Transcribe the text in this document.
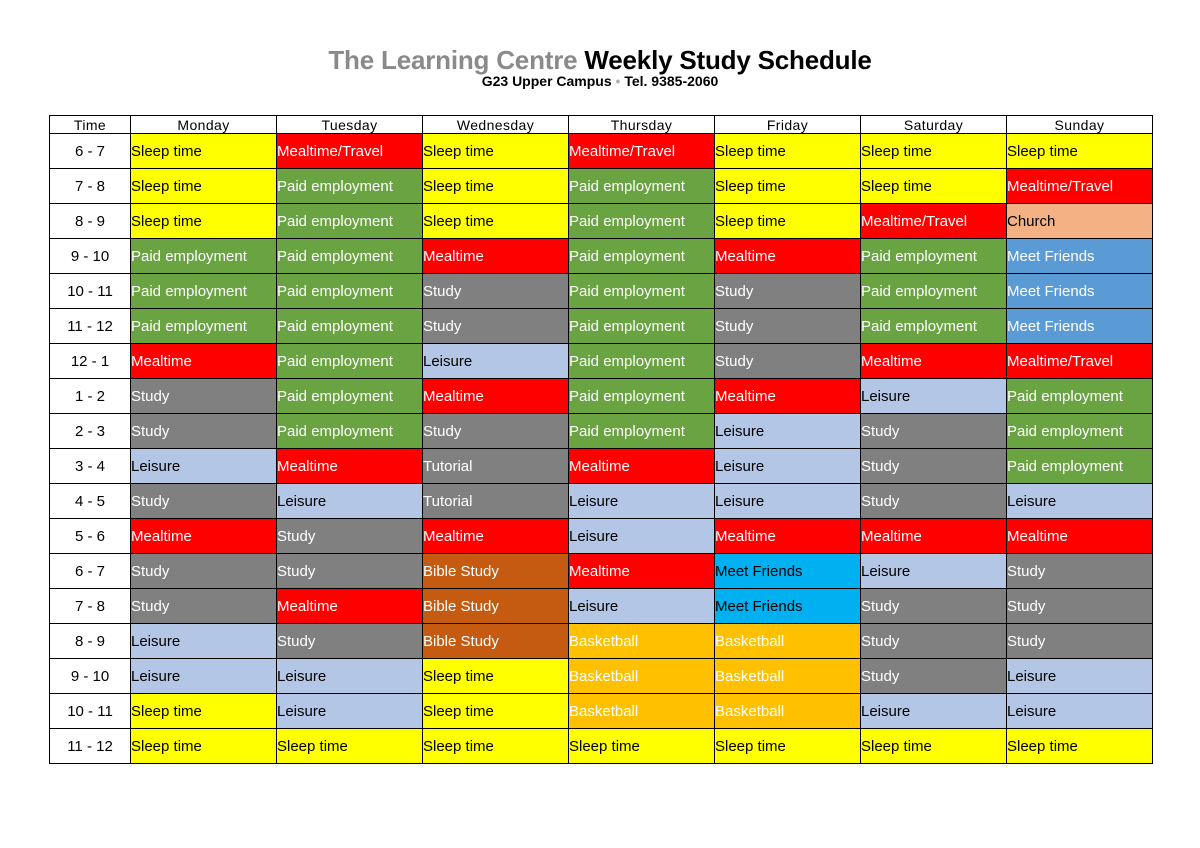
The Learning Centre Weekly Study Schedule
G23 Upper Campus • Tel. 9385-2060
Time	Monday	Tuesday	Wednesday	Thursday	Friday	Saturday	Sunday
6 - 7	Sleep time	Mealtime/Travel	Sleep time	Mealtime/Travel	Sleep time	Sleep time	Sleep time
7 - 8	Sleep time	Paid employment	Sleep time	Paid employment	Sleep time	Sleep time	Mealtime/Travel
8 - 9	Sleep time	Paid employment	Sleep time	Paid employment	Sleep time	Mealtime/Travel	Church
9 - 10	Paid employment	Paid employment	Mealtime	Paid employment	Mealtime	Paid employment	Meet Friends
10 - 11	Paid employment	Paid employment	Study	Paid employment	Study	Paid employment	Meet Friends
11 - 12	Paid employment	Paid employment	Study	Paid employment	Study	Paid employment	Meet Friends
12 - 1	Mealtime	Paid employment	Leisure	Paid employment	Study	Mealtime	Mealtime/Travel
1 - 2	Study	Paid employment	Mealtime	Paid employment	Mealtime	Leisure	Paid employment
2 - 3	Study	Paid employment	Study	Paid employment	Leisure	Study	Paid employment
3 - 4	Leisure	Mealtime	Tutorial	Mealtime	Leisure	Study	Paid employment
4 - 5	Study	Leisure	Tutorial	Leisure	Leisure	Study	Leisure
5 - 6	Mealtime	Study	Mealtime	Leisure	Mealtime	Mealtime	Mealtime
6 - 7	Study	Study	Bible Study	Mealtime	Meet Friends	Leisure	Study
7 - 8	Study	Mealtime	Bible Study	Leisure	Meet Friends	Study	Study
8 - 9	Leisure	Study	Bible Study	Basketball	Basketball	Study	Study
9 - 10	Leisure	Leisure	Sleep time	Basketball	Basketball	Study	Leisure
10 - 11	Sleep time	Leisure	Sleep time	Basketball	Basketball	Leisure	Leisure
11 - 12	Sleep time	Sleep time	Sleep time	Sleep time	Sleep time	Sleep time	Sleep time
